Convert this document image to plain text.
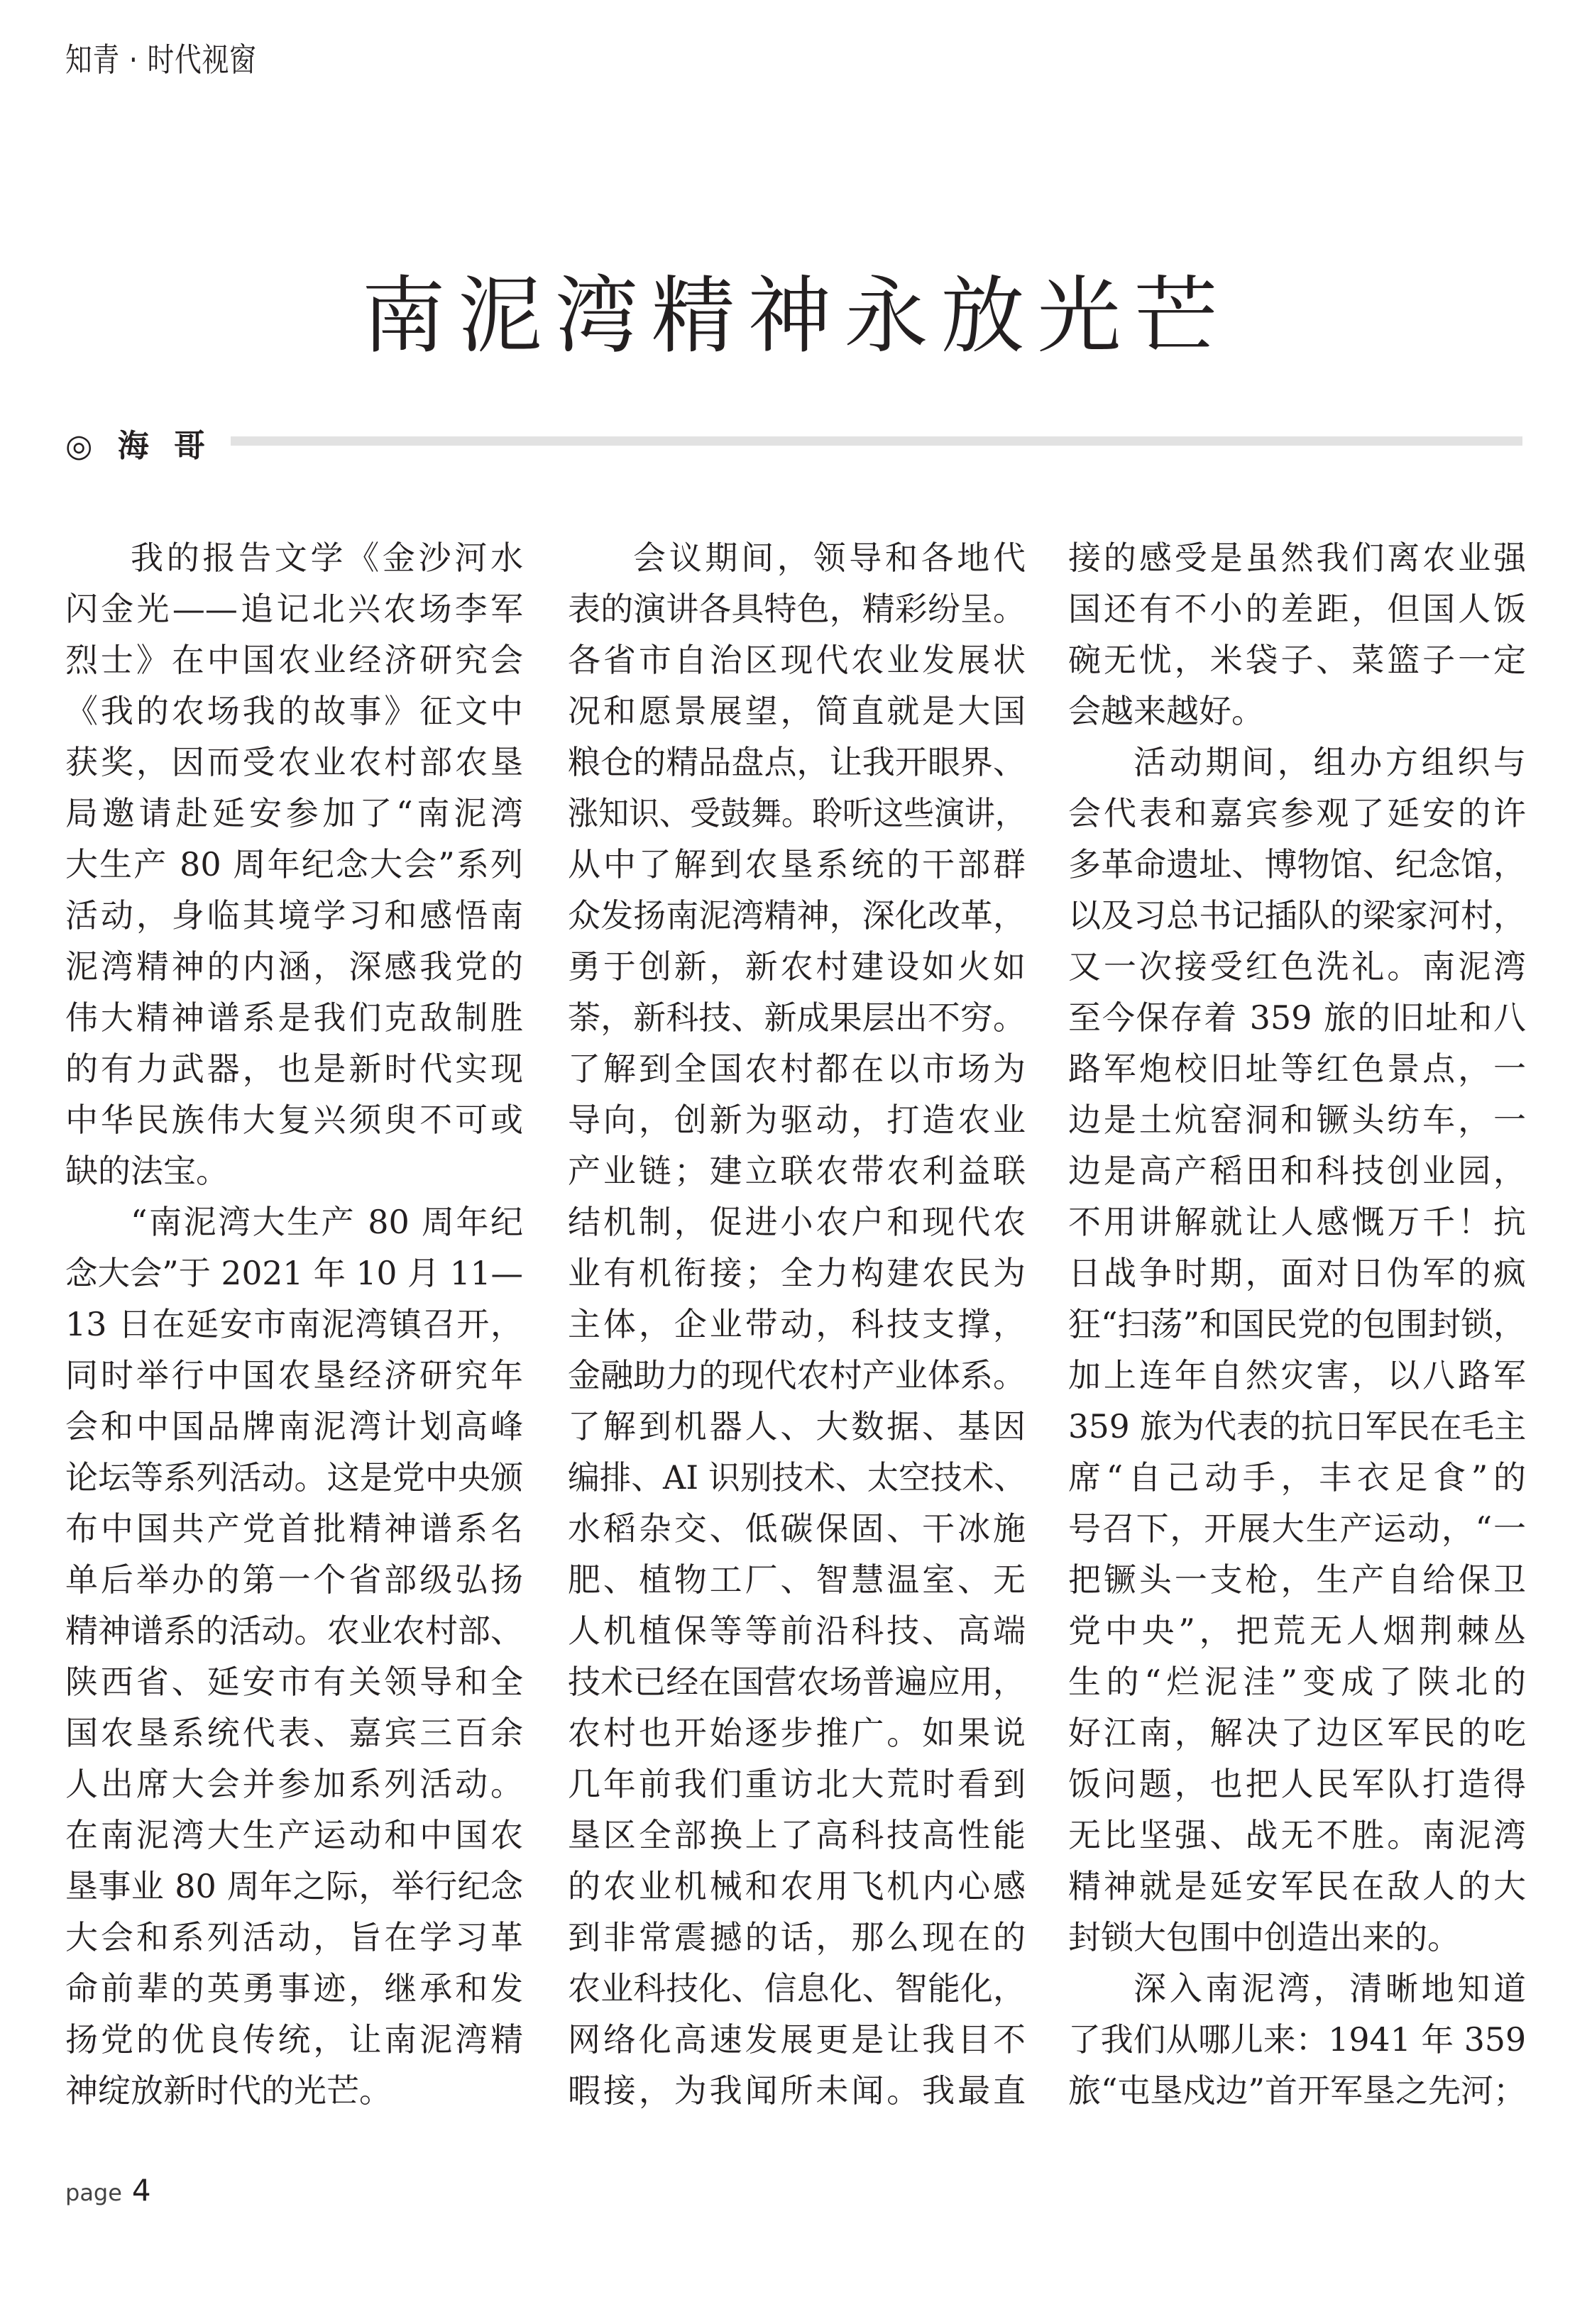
知青 · 时代视窗
南泥湾精神永放光芒
◎ 海 哥
我的报告文学《金沙河水
闪金光——追记北兴农场李军
烈士》在中国农业经济研究会
《我的农场我的故事》征文中
获奖，因而受农业农村部农垦
局邀请赴延安参加了“南泥湾
大生产 80 周年纪念大会”系列
活动，身临其境学习和感悟南
泥湾精神的内涵，深感我党的
伟大精神谱系是我们克敌制胜
的有力武器，也是新时代实现
中华民族伟大复兴须臾不可或
缺的法宝。
“南泥湾大生产 80 周年纪
念大会”于 2021 年 10 月 11—
13 日在延安市南泥湾镇召开，
同时举行中国农垦经济研究年
会和中国品牌南泥湾计划高峰
论坛等系列活动。这是党中央颁
布中国共产党首批精神谱系名
单后举办的第一个省部级弘扬
精神谱系的活动。农业农村部、
陕西省、延安市有关领导和全
国农垦系统代表、嘉宾三百余
人出席大会并参加系列活动。
在南泥湾大生产运动和中国农
垦事业 80 周年之际，举行纪念
大会和系列活动，旨在学习革
命前辈的英勇事迹，继承和发
扬党的优良传统，让南泥湾精
神绽放新时代的光芒。
会议期间，领导和各地代
表的演讲各具特色，精彩纷呈。
各省市自治区现代农业发展状
况和愿景展望，简直就是大国
粮仓的精品盘点，让我开眼界、
涨知识、受鼓舞。聆听这些演讲，
从中了解到农垦系统的干部群
众发扬南泥湾精神，深化改革，
勇于创新，新农村建设如火如
荼，新科技、新成果层出不穷。
了解到全国农村都在以市场为
导向，创新为驱动，打造农业
产业链；建立联农带农利益联
结机制，促进小农户和现代农
业有机衔接；全力构建农民为
主体，企业带动，科技支撑，
金融助力的现代农村产业体系。
了解到机器人、大数据、基因
编排、AI 识别技术、太空技术、
水稻杂交、低碳保固、干冰施
肥、植物工厂、智慧温室、无
人机植保等等前沿科技、高端
技术已经在国营农场普遍应用，
农村也开始逐步推广。如果说
几年前我们重访北大荒时看到
垦区全部换上了高科技高性能
的农业机械和农用飞机内心感
到非常震撼的话，那么现在的
农业科技化、信息化、智能化，
网络化高速发展更是让我目不
暇接，为我闻所未闻。我最直
接的感受是虽然我们离农业强
国还有不小的差距，但国人饭
碗无忧，米袋子、菜篮子一定
会越来越好。
活动期间，组办方组织与
会代表和嘉宾参观了延安的许
多革命遗址、博物馆、纪念馆，
以及习总书记插队的梁家河村，
又一次接受红色洗礼。南泥湾
至今保存着 359 旅的旧址和八
路军炮校旧址等红色景点，一
边是土炕窑洞和镢头纺车，一
边是高产稻田和科技创业园，
不用讲解就让人感慨万千！抗
日战争时期，面对日伪军的疯
狂“扫荡”和国民党的包围封锁，
加上连年自然灾害，以八路军
359 旅为代表的抗日军民在毛主
席“自己动手，丰衣足食”的
号召下，开展大生产运动，“一
把镢头一支枪，生产自给保卫
党中央”，把荒无人烟荆棘丛
生的“烂泥洼”变成了陕北的
好江南，解决了边区军民的吃
饭问题，也把人民军队打造得
无比坚强、战无不胜。南泥湾
精神就是延安军民在敌人的大
封锁大包围中创造出来的。
深入南泥湾，清晰地知道
了我们从哪儿来：1941 年 359
旅“屯垦戍边”首开军垦之先河；
page 4
